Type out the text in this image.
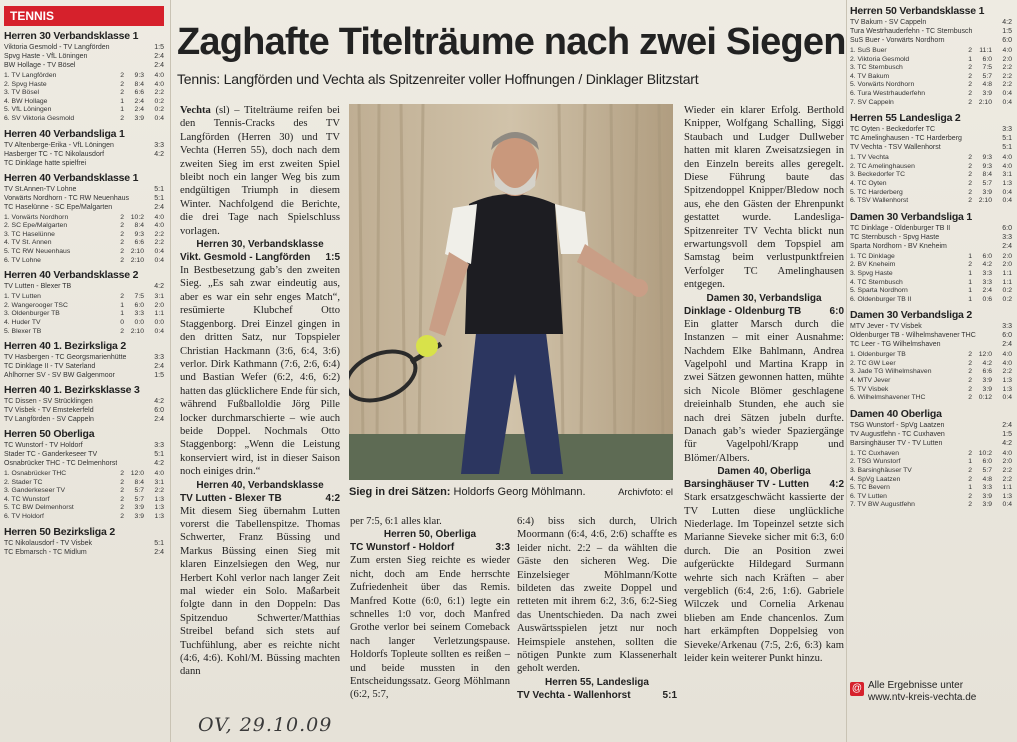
TENNIS
Herren 30 Verbandsklasse 1
Viktoria Gesmold - TV Langförden	1:5
Spvg Haste - VfL Löningen	2:4
BW Hollage - TV Bösel	2:4
1. TV Langförden	2	9:3	4:0
2. Spvg Haste	2	8:4	4:0
3. TV Bösel	2	6:6	2:2
4. BW Hollage	1	2:4	0:2
5. VfL Löningen	1	2:4	0:2
6. SV Viktoria Gesmold	2	3:9	0:4
Herren 40 Verbandsliga 1
TV Altenberge-Erika - VfL Löningen	3:3
Hasberger TC - TC Nikolausdorf	4:2
TC Dinklage hatte spielfrei
Herren 40 Verbandsklasse 1
TV St.Annen-TV Lohne	5:1
Vorwärts Nordhorn - TC RW Neuenhaus	5:1
TC Haselünne - SC Epe/Malgarten	2:4
1. Vorwärts Nordhorn	2 10:2	4:0
2. SC Epe/Malgarten	2	8:4	4:0
3. TC Haselünne	2	9:3	2:2
4. TV St. Annen	2	6:6	2:2
5. TC RW Neuenhaus	2 2:10	0:4
6. TV Lohne	2 2:10	0:4
Herren 40 Verbandsklasse 2
TV Lutten - Blexer TB	4:2
1. TV Lutten	2	7:5	3:1
2. Wangerooger TSC	1	6:0	2:0
3. Oldenburger TB	1	3:3	1:1
4. Huder TV	0	0:0	0:0
5. Blexer TB	2 2:10	0:4
Herren 40 1. Bezirksliga 2
TV Hasbergen - TC Georgsmarienhütte	3:3
TC Dinklage II - TV Saterland	2:4
Ahlhorner SV - SV BW Galgenmoor	1:5
Herren 40 1. Bezirksklasse 3
TC Dissen - SV Strücklingen	4:2
TV Visbek - TV Emstekerfeld	6:0
TV Langförden - SV Cappeln	2:4
Herren 50 Oberliga
TC Wunstorf - TV Holdorf	3:3
Stader TC - Ganderkeseer TV	5:1
Osnabrücker THC - TC Delmenhorst	4:2
1. Osnabrücker THC	2 12:0	4:0
2. Stader TC	2	8:4	3:1
3. Ganderkeseer TV	2	5:7	2:2
4. TC Wunstorf	2	5:7	1:3
5. TC BW Delmenhorst	2	3:9	1:3
6. TV Holdorf	2	3:9	1:3
Herren 50 Bezirksliga 2
TC Nikolausdorf - TV Visbek	5:1
TC Ebmarsch - TC Midlum	2:4
Zaghafte Titelträume nach zwei Siegen
Tennis: Langförden und Vechta als Spitzenreiter voller Hoffnungen / Dinklager Blitzstart

Vechta (sl) – Titelträume reifen bei den Tennis-Cracks des TV Langförden (Herren 30) und TV Vechta (Herren 55), doch nach dem zweiten Sieg im erst zweiten Spiel bleibt noch ein langer Weg bis zum endgültigen Triumph in diesem Winter. Nachfolgend die Berichte, die drei Tage nach Spielschluss vorlagen.

Herren 30, Verbandsklasse
Vikt. Gesmold - Langförden 1:5

In Bestbesetzung gab’s den zweiten Sieg. „Es sah zwar eindeutig aus, aber es war ein sehr enges Match“, resümierte Klubchef Otto Staggenborg. Drei Einzel gingen in den dritten Satz, nur Topspieler Christian Hackmann (3:6, 6:4, 3:6) verlor. Dirk Kathmann (7:6, 2:6, 6:4) und Bastian Wefer (6:2, 4:6, 6:2) hatten das glücklichere Ende für sich, während Fußballoldie Jörg Pille locker durchmarschierte – wie auch beide Doppel. Nochmals Otto Staggenborg: „Wenn die Leistung konserviert wird, ist in dieser Saison noch einiges drin.“

Herren 40, Verbandsklasse
TV Lutten - Blexer TB	4:2

Mit diesem Sieg übernahm Lutten vorerst die Tabellenspitze. Thomas Schwerter, Franz Büssing und Markus Büssing einen Sieg mit klaren Einzelsiegen den Weg, nur Herbert Kohl verlor nach langer Zeit mal wieder ein Solo. Maßarbeit folgte dann in den Doppeln: Das Spitzenduo Schwerter/Matthias Streibel befand sich stets auf Tuchfühlung, aber es reichte nicht (4:6, 4:6). Kohl/M. Büssing machten dann

Sieg in drei Sätzen: Holdorfs Georg Möhlmann.	Archivfoto: el

per 7:5, 6:1 alles klar.

Herren 50, Oberliga
TC Wunstorf - Holdorf	3:3

Zum ersten Sieg reichte es wieder nicht, doch am Ende herrschte Zufriedenheit über das Remis. Manfred Kotte (6:0, 6:1) legte ein schnelles 1:0 vor, doch Manfred Grothe verlor bei seinem Comeback nach langer Verletzungspause. Holdorfs Topleute sollten es reißen – und beide mussten in den Entscheidungssatz. Georg Möhlmann (6:2, 5:7,

6:4) biss sich durch, Ulrich Moormann (6:4, 4:6, 2:6) schaffte es leider nicht. 2:2 – da wählten die Gäste den sicheren Weg. Die Einzelsieger Möhlmann/Kotte bildeten das zweite Doppel und retteten mit ihrem 6:2, 3:6, 6:2-Sieg das Unentschieden. Da nach zwei Auswärtsspielen jetzt nur noch Heimspiele anstehen, sollten die nötigen Punkte zum Klassenerhalt geholt werden.

Herren 55, Landesliga
TV Vechta - Wallenhorst	5:1

Wieder ein klarer Erfolg. Berthold Knipper, Wolfgang Schalling, Siggi Staubach und Ludger Dullweber hatten mit klaren Zweisatzsiegen in den Einzeln bereits alles geregelt. Diese Führung baute das Spitzendoppel Knipper/Bledow noch aus, ehe den Gästen der Ehrenpunkt gestattet wurde. Landesliga-Spitzenreiter TV Vechta blickt nun erwartungsvoll dem Topspiel am Samstag beim verlustpunktfreien Verfolger TC Amelinghausen entgegen.

Damen 30, Verbandsliga
Dinklage - Oldenburg TB	6:0

Ein glatter Marsch durch die Instanzen – mit einer Ausnahme: Nachdem Elke Bahlmann, Andrea Vagelpohl und Martina Krapp in zwei Sätzen gewonnen hatten, mühte sich Nicole Blömer geschlagene dreieinhalb Stunden, ehe auch sie nach drei Sätzen jubeln durfte. Danach gab’s wieder Spaziergänge für Vagelpohl/Krapp und Blömer/Albers.

Damen 40, Oberliga
Barsinghäuser TV - Lutten 4:2

Stark ersatzgeschwächt kassierte der TV Lutten diese unglückliche Niederlage. Im Topeinzel setzte sich Marianne Sieveke sicher mit 6:3, 6:0 durch. Die an Position zwei aufgerückte Hildegard Surmann wehrte sich nach Kräften – aber vergeblich (6:4, 2:6, 1:6). Gabriele Wilczek und Cornelia Arkenau blieben am Ende chancenlos. Zum hart erkämpften Doppelsieg von Sieveke/Arkenau (7:5, 2:6, 6:3) kam leider kein weiterer Punkt hinzu.

Herren 50 Verbandsklasse 1
TV Bakum - SV Cappeln	4:2
Tura Westrhauderfehn - TC Sternbusch	1:5
SuS Buer - Vorwärts Nordhorn	6:0
1. SuS Buer	2	11:1	4:0
2. Viktoria Gesmold	1	6:0	2:0
3. TC Sternbusch	2	7:5	2:2
4. TV Bakum	2	5:7	2:2
5. Vorwärts Nordhorn	2	4:8	2:2
6. Tura Westrhauderfehn	2	3:9	0:4
7. SV Cappeln	2 2:10	0:4
Herren 55 Landesliga 2
TC Oyten - Beckedorfer TC	3:3
TC Amelinghausen - TC Harderberg	5:1
TV Vechta - TSV Wallenhorst	5:1
1. TV Vechta	2	9:3	4:0
2. TC Amelinghausen	2	9:3	4:0
3. Beckedorfer TC	2	8:4	3:1
4. TC Oyten	2	5:7	1:3
5. TC Harderberg	2	3:9	0:4
6. TSV Wallenhorst	2 2:10	0:4
Damen 30 Verbandsliga 1
TC Dinklage - Oldenburger TB II	6:0
TC Sternbusch - Spvg Haste	3:3
Sparta Nordhorn - BV Kneheim	2:4
1. TC Dinklage	1	6:0	2:0
2. BV Kneheim	2	4:2	2:0
3. Spvg Haste	1	3:3	1:1
4. TC Sternbusch	1	3:3	1:1
5. Sparta Nordhorn	1	2:4	0:2
6. Oldenburger TB II	1	0:6	0:2
Damen 30 Verbandsliga 2
MTV Jever - TV Visbek	3:3
Oldenburger TB - Wilhelmshavener THC	6:0
TC Leer - TG Wilhelmshaven	2:4
1. Oldenburger TB	2 12:0	4:0
2. TC GW Leer	2	4:2	4:0
3. Jade TG Wilhelmshaven	2	6:6	2:2
4. MTV Jever	2	3:9	1:3
5. TV Visbek	2	3:9	1:3
6. Wilhelmshavener THC	2 0:12	0:4
Damen 40 Oberliga
TSG Wunstorf - SpVg Laatzen	2:4
TV Augustfehn - TC Cuxhaven	1:5
Barsinghäuser TV - TV Lutten	4:2
1. TC Cuxhaven	2 10:2	4:0
2. TSG Wunstorf	1	6:0	2:0
3. Barsinghäuser TV	2	5:7	2:2
4. SpVg Laatzen	2	4:8	2:2
5. TC Bevern	1	3:3	1:1
6. TV Lutten	2	3:9	1:3
7. TV BW Augustfehn	2	3:9	0:4
@ Alle Ergebnisse unter
www.ntv-kreis-vechta.de
OV, 29.10.09
